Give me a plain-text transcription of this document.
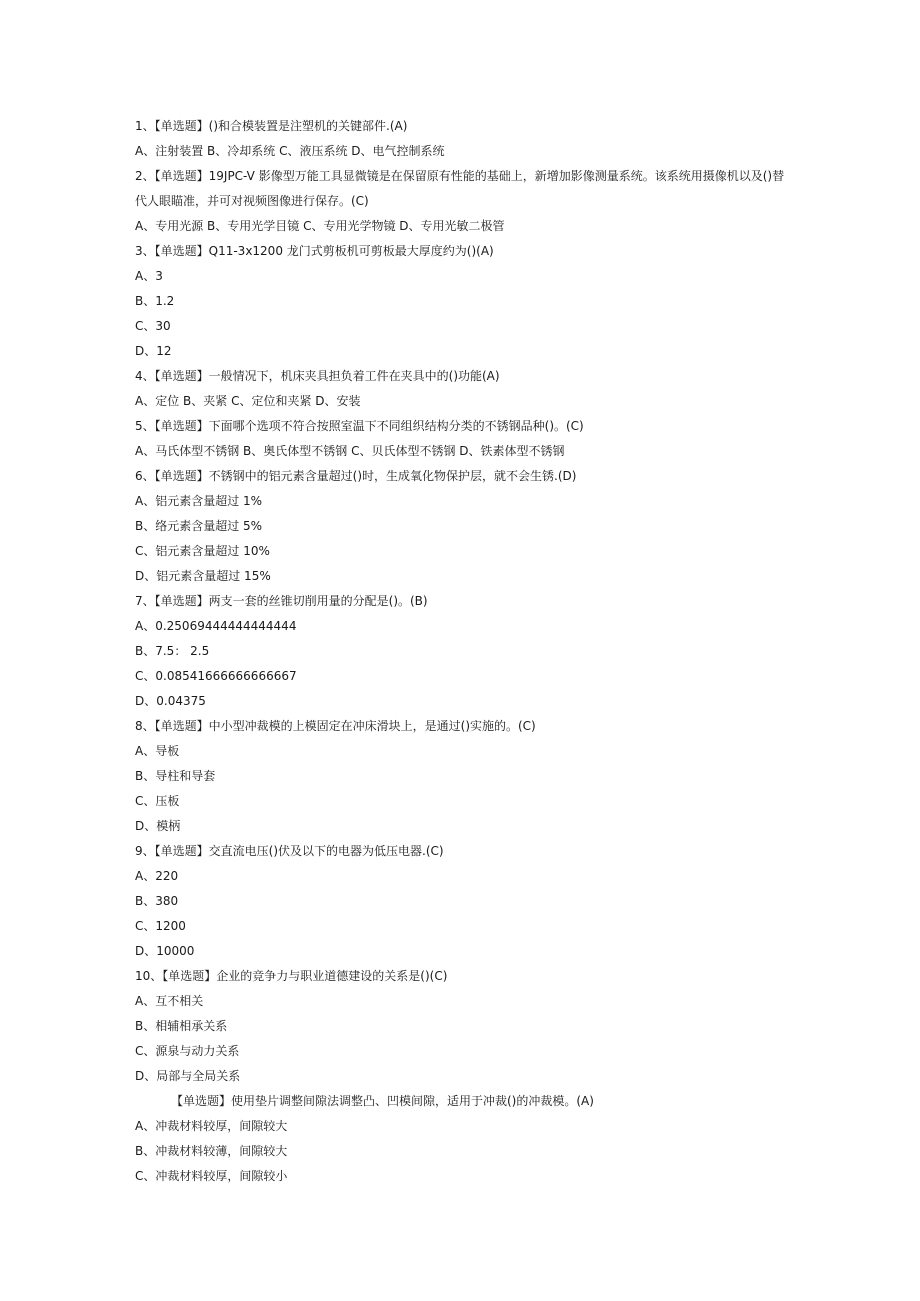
1、【单选题】()和合模装置是注塑机的关键部件.(A)
A、注射装置 B、冷却系统 C、液压系统 D、电气控制系统
2、【单选题】19JPC-V 影像型万能工具显微镜是在保留原有性能的基础上，新增加影像测量系统。该系统用摄像机以及()替代人眼瞄准，并可对视频图像进行保存。(C)
A、专用光源 B、专用光学目镜 C、专用光学物镜 D、专用光敏二极管
3、【单选题】Q11-3x1200 龙门式剪板机可剪板最大厚度约为()(A)
A、3
B、1.2
C、30
D、12
4、【单选题】一般情况下，机床夹具担负着工件在夹具中的()功能(A)
A、定位 B、夹紧 C、定位和夹紧 D、安装
5、【单选题】下面哪个选项不符合按照室温下不同组织结构分类的不锈钢品种()。(C)
A、马氏体型不锈钢 B、奥氏体型不锈钢 C、贝氏体型不锈钢 D、铁素体型不锈钢
6、【单选题】不锈钢中的铝元素含量超过()时，生成氧化物保护层，就不会生锈.(D)
A、铝元素含量超过 1%
B、络元素含量超过 5%
C、铝元素含量超过 10%
D、铝元素含量超过 15%
7、【单选题】两支一套的丝锥切削用量的分配是()。(B)
A、0.25069444444444444
B、7.5： 2.5
C、0.08541666666666667
D、0.04375
8、【单选题】中小型冲裁模的上模固定在冲床滑块上，是通过()实施的。(C)
A、导板
B、导柱和导套
C、压板
D、模柄
9、【单选题】交直流电压()伏及以下的电器为低压电器.(C)
A、220
B、380
C、1200
D、10000
10、【单选题】企业的竞争力与职业道德建设的关系是()(C)
A、互不相关
B、相辅相承关系
C、源泉与动力关系
D、局部与全局关系
【单选题】使用垫片调整间隙法调整凸、凹模间隙，适用于冲裁()的冲裁模。(A)
A、冲裁材料较厚，间隙较大
B、冲裁材料较薄，间隙较大
C、冲裁材料较厚，间隙较小
